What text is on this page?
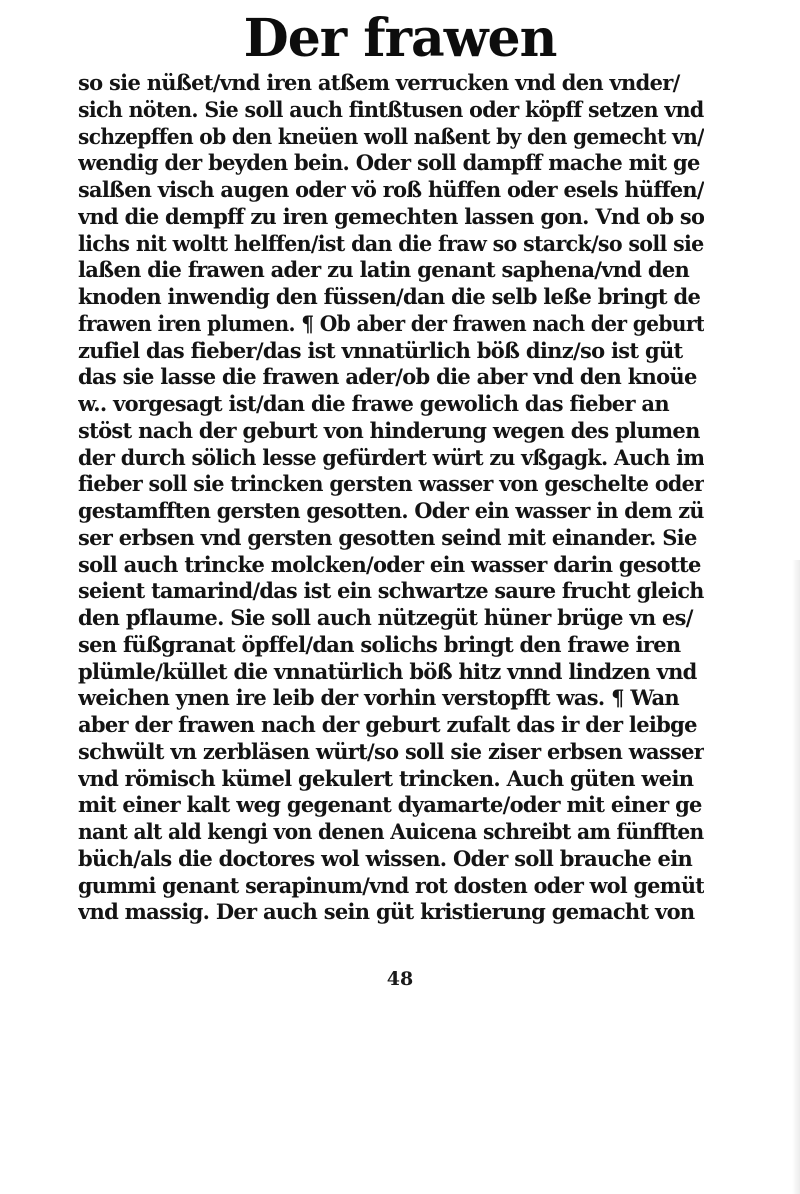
Der frawen
so sie nüßet/vnd iren atßem verrucken vnd den vnder/
sich nöten. Sie soll auch fintßtusen oder köpff setzen vnd
schzepffen ob den kneüen woll naßent by den gemecht vn/
wendig der beyden bein. Oder soll dampff mache mit ge
salßen visch augen oder vö roß hüffen oder esels hüffen/
vnd die dempff zu iren gemechten lassen gon. Vnd ob so
lichs nit woltt helffen/ist dan die fraw so starck/so soll sie
laßen die frawen ader zu latin genant saphena/vnd den
knoden inwendig den füssen/dan die selb leße bringt de
frawen iren plumen. ¶ Ob aber der frawen nach der geburt
zufiel das fieber/das ist vnnatürlich böß dinz/so ist güt
das sie lasse die frawen ader/ob die aber vnd den knoüe
w.. vorgesagt ist/dan die frawe gewolich das fieber an
stöst nach der geburt von hinderung wegen des plumen
der durch sölich lesse gefürdert würt zu vßgagk. Auch im
fieber soll sie trincken gersten wasser von geschelte oder
gestamfften gersten gesotten. Oder ein wasser in dem zü
ser erbsen vnd gersten gesotten seind mit einander. Sie
soll auch trincke molcken/oder ein wasser darin gesotte
seient tamarind/das ist ein schwartze saure frucht gleich
den pflaume. Sie soll auch nützegüt hüner brüge vn es/
sen füßgranat öpffel/dan solichs bringt den frawe iren
plümle/küllet die vnnatürlich böß hitz vnnd lindzen vnd
weichen ynen ire leib der vorhin verstopfft was. ¶ Wan
aber der frawen nach der geburt zufalt das ir der leibge
schwült vn zerbläsen würt/so soll sie ziser erbsen wasser
vnd römisch kümel gekulert trincken. Auch güten wein
mit einer kalt weg gegenant dyamarte/oder mit einer ge
nant alt ald kengi von denen Auicena schreibt am fünfften
büch/als die doctores wol wissen. Oder soll brauche ein
gummi genant serapinum/vnd rot dosten oder wol gemüt
vnd massig. Der auch sein güt kristierung gemacht von
48
